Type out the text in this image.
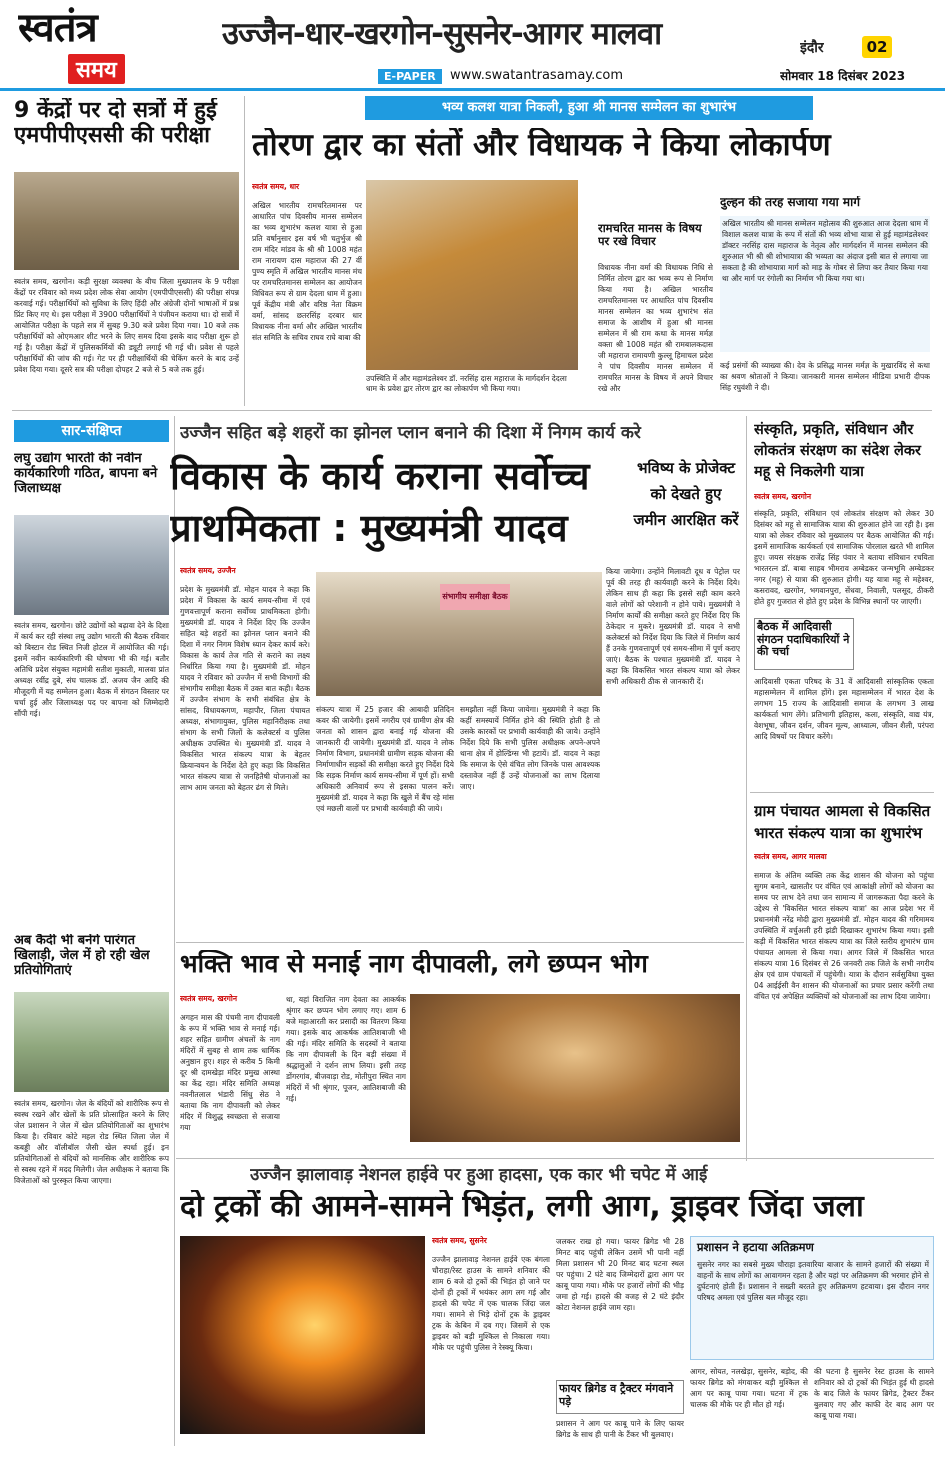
स्वतंत्र
समय
उज्जैन-धार-खरगोन-सुसनेर-आगर मालवा	इंदौर	02
E-PAPER	www.swatantrasamay.com	सोमवार 18 दिसंबर 2023
9 केंद्रों पर दो सत्रों में हुई एमपीपीएससी की परीक्षा
स्वतंत्र समय, खरगोन। कड़ी सुरक्षा व्यवस्था के बीच जिला मुख्यालय के 9 परीक्षा केंद्रों पर रविवार को मध्य प्रदेश लोक सेवा आयोग (एमपीपीएससी) की परीक्षा संपन्न करवाई गई। परीक्षार्थियों को सुविधा के लिए हिंदी और अंग्रेजी दोनों भाषाओं में प्रश्न प्रिंट किए गए थे। इस परीक्षा में 3900 परीक्षार्थियों ने पंजीयन कराया था। दो सत्रों में आयोजित परीक्षा के पहले सत्र में सुबह 9.30 बजे प्रवेश दिया गया। 10 बजे तक परीक्षार्थियों को ओएमआर शीट भरने के लिए समय दिया इसके बाद परीक्षा शुरू हो गई है। परीक्षा केंद्रों में पुलिसकर्मियों की ड्यूटी लगाई भी गई थी। प्रवेश से पहले परीक्षार्थियों की जांच की गई। गेट पर ही परीक्षार्थियों की चेकिंग करने के बाद उन्हें प्रवेश दिया गया। दूसरे सत्र की परीक्षा दोपहर 2 बजे से 5 बजे तक हुई।
भव्य कलश यात्रा निकली, हुआ श्री मानस सम्मेलन का शुभारंभ
तोरण द्वार का संतों और विधायक ने किया लोकार्पण
स्वतंत्र समय, धार
अखिल भारतीय रामचरितमानस पर आधारित पांच दिवसीय मानस सम्मेलन का भव्य शुभारंभ कलश यात्रा से हुआ प्रति वर्षानुसार इस वर्ष भी चतुर्भुज श्री राम मंदिर मांडव के श्री श्री 1008 महंत राम नारायण दास महाराज की 27 वीं पुण्य स्मृति में अखिल भारतीय मानस मंच पर रामचरितमानस सम्मेलन का आयोजन विधिवत रूप से ग्राम देदला धाम में हुआ। पूर्व केंद्रीय मंत्री और वरिष्ठ नेता विक्रम वर्मा, सांसद छतरसिंह दरबार धार विधायक नीना वर्मा और अखिल भारतीय संत समिति के सचिव राघव राघे बाबा की
उपस्थिति में और महामंडलेश्वर डॉ. नरसिंह दास महाराज के मार्गदर्शन देदला धाम के प्रवेश द्वार तोरण द्वार का लोकार्पण भी किया गया।
रामचरित मानस के विषय पर रखे विचार
विधायक नीना वर्मा की विधायक निधि से निर्मित तोरण द्वार का भव्य रूप से निर्माण किया गया है। अखिल भारतीय रामचरितमानस पर आधारित पांच दिवसीय मानस सम्मेलन का भव्य शुभारंभ संत समाज के आशीष में हुआ श्री मानस सम्मेलन में श्री राम कथा के मानस मर्मज्ञ वक्ता श्री 1008 महंत श्री रामबालकदास जी महाराज रामायणी कुल्लू हिमाचल प्रदेश ने पांच दिवसीय मानस सम्मेलन में रामचरित मानस के विषय में अपने विचार रखे और
दुल्हन की तरह सजाया गया मार्ग
अखिल भारतीय श्री मानस सम्मेलन महोत्सव की शुरुआत आज देदला धाम में विशाल कलश यात्रा के रूप में संतों की भव्य शोभा यात्रा से हुई महामंडलेश्वर डॉक्टर नरसिंह दास महाराज के नेतृत्व और मार्गदर्शन में मानस सम्मेलन की शुरुआत भी श्री श्री शोभायात्रा की भव्यता का अंदाज इसी बात से लगाया जा सकता है की शोभायात्रा मार्ग को माड़ के गोबर से लिपा कर तैयार किया गया था और मार्ग पर रंगोली का निर्माण भी किया गया था।
कई प्रसंगों की व्याख्या की। देव के प्रसिद्ध मानस मर्मज्ञ के मुखारविंद से कथा का श्रवण श्रोताओं ने किया। जानकारी मानस सम्मेलन मीडिया प्रभारी दीपक सिंह रघुवंशी ने दी।
सार-संक्षिप्त
लघु उद्योग भारती की नवीन कार्यकारिणी गठित, बापना बने जिलाध्यक्ष
स्वतंत्र समय, खरगोन। छोटे उद्योगों को बढ़ावा देने के दिशा में कार्य कर रही संस्था लघु उद्योग भारती की बैठक रविवार को बिस्टान रोड स्थित निजी होटल में आयोजित की गई। इसमें नवीन कार्यकारिणी की घोषणा भी की गई। बतौर अतिथि प्रदेश संयुक्त महामंत्री सतीश मुकाती, मालवा प्रांत अध्यक्ष रवींद्र दुबे, संघ चालक डॉ. अजय जैन आदि की मौजूदगी में यह सम्मेलन हुआ। बैठक में संगठन विस्तार पर चर्चा हुई और जिलाध्यक्ष पद पर बापना को जिम्मेदारी सौंपी गई।
अब कैदी भी बनेंगे पारंगत खिलाड़ी, जेल में हो रही खेल प्रतियोगिताएं
स्वतंत्र समय, खरगोन। जेल के बंदियों को शारीरिक रूप से स्वस्थ रखने और खेलों के प्रति प्रोत्साहित करने के लिए जेल प्रशासन ने जेल में खेल प्रतियोगिताओं का शुभारंभ किया है। रविवार कोटे महल रोड स्थित जिला जेल में कबड्डी और वॉलीबॉल जैसी खेल स्पर्धा हुई। इन प्रतियोगिताओं से बंदियों को मानसिक और शारीरिक रूप से स्वस्थ रहने में मदद मिलेगी। जेल अधीक्षक ने बताया कि विजेताओं को पुरस्कृत किया जाएगा।
उज्जैन सहित बड़े शहरों का झोनल प्लान बनाने की दिशा में निगम कार्य करे
विकास के कार्य कराना सर्वोच्च प्राथमिकता : मुख्यमंत्री यादव
भविष्य के प्रोजेक्ट को देखते हुए जमीन आरक्षित करें
स्वतंत्र समय, उज्जैन
प्रदेश के मुख्यमंत्री डॉ. मोहन यादव ने कहा कि प्रदेश में विकास के कार्य समय-सीमा में एवं गुणवत्तापूर्ण कराना सर्वोच्च प्राथमिकता होगी। मुख्यमंत्री डॉ. यादव ने निर्देश दिए कि उज्जैन सहित बड़े शहरों का झोनल प्लान बनाने की दिशा में नगर निगम विशेष ध्यान देकर कार्य करे। विकास के कार्य तेज गति से कराने का लक्ष्य निर्धारित किया गया है। मुख्यमंत्री डॉ. मोहन यादव ने रविवार को उज्जैन में सभी विभागों की संभागीय समीक्षा बैठक में उक्त बात कही। बैठक में उज्जैन संभाग के सभी संबंधित क्षेत्र के सांसद, विधायकगण, महापौर, जिला पंचायत अध्यक्ष, संभागायुक्त, पुलिस महानिरीक्षक तथा संभाग के सभी जिलों के कलेक्टर्स व पुलिस अधीक्षक उपस्थित थे। मुख्यमंत्री डॉ. यादव ने विकसित भारत संकल्प यात्रा के बेहतर क्रियान्वयन के निर्देश देते हुए कहा कि विकसित भारत संकल्प यात्रा से जनहितैषी योजनाओं का लाभ आम जनता को बेहतर ढंग से मिले।
संभागीय समीक्षा बैठक
संकल्प यात्रा में 25 हजार की आबादी प्रतिदिन कवर की जायेगी। इसमें नगरीय एवं ग्रामीण क्षेत्र की जनता को शासन द्वारा बनाई गई योजना की जानकारी दी जायेगी। मुख्यमंत्री डॉ. यादव ने लोक निर्माण विभाग, प्रधानमंत्री ग्रामीण सड़क योजना की निर्माणाधीन सड़कों की समीक्षा करते हुए निर्देश दिये कि सड़क निर्माण कार्य समय-सीमा में पूर्ण हों। सभी अधिकारी अनिवार्य रूप से इसका पालन करें। मुख्यमंत्री डॉ. यादव ने कहा कि खुले में बैंच रहे मांस एवं मछली वालों पर प्रभावी कार्यवाही की जाये।
समझौता नहीं किया जायेगा। मुख्यमंत्री ने कहा कि कहीं समस्यायें निर्मित होने की स्थिति होती है तो उसके कारकों पर प्रभावी कार्यवाही की जाये। उन्होंने निर्देश दिये कि सभी पुलिस अधीक्षक अपने-अपने थाना क्षेत्र में होल्डिंग्स भी हटायें। डॉ. यादव ने कहा कि समाज के ऐसे वंचित लोग जिनके पास आवश्यक दस्तावेज नहीं हैं उन्हें योजनाओं का लाभ दिलाया जाए।
किया जायेगा। उन्होंने मिलावटी दूध व पेट्रोल पर पूर्व की तरह ही कार्यवाही करने के निर्देश दिये। लेकिन साथ ही कहा कि इससे सही काम करने वाले लोगों को परेशानी न होने पाये। मुख्यमंत्री ने निर्माण कार्यों की समीक्षा करते हुए निर्देश दिए कि ठेकेदार न मुकरे। मुख्यमंत्री डॉ. यादव ने सभी कलेक्टर्स को निर्देश दिया कि जिले में निर्माण कार्य हैं उनके गुणवत्तापूर्ण एवं समय-सीमा में पूर्ण कराए जाएं। बैठक के पश्चात मुख्यमंत्री डॉ. यादव ने कहा कि विकसित भारत संकल्प यात्रा को लेकर सभी अधिकारी ठीक से जानकारी दें।
संस्कृति, प्रकृति, संविधान और लोकतंत्र संरक्षण का संदेश लेकर महू से निकलेगी यात्रा
स्वतंत्र समय, खरगोन
संस्कृति, प्रकृति, संविधान एवं लोकतंत्र संरक्षण को लेकर 30 दिसंबर को महू से सामाजिक यात्रा की शुरुआत होने जा रही है। इस यात्रा को लेकर रविवार को मुख्यालय पर बैठक आयोजित की गई। इसमें सामाजिक कार्यकर्ता एवं सामाजिक पोरलाल खरते भी शामिल हुए। जयस संरक्षक राजेंद्र सिंह पंवार ने बताया संविधान रचयिता भारतरत्न डॉ. बाबा साहब भीमराव अम्बेडकर जन्मभूमि अम्बेडकर नगर (महू) से यात्रा की शुरुआत होगी। यह यात्रा महू से महेश्वर, कसरावद, खरगोन, भगवानपुरा, सेंधवा, निवाली, पलसूद, ठीकरी होते हुए गुजरात से होते हुए प्रदेश के विभिन्न स्थानों पर जाएगी।
बैठक में आदिवासी संगठन पदाधिकारियों ने की चर्चा
आदिवासी एकता परिषद के 31 वें आदिवासी सांस्कृतिक एकता महासम्मेलन में शामिल होंगे। इस महासम्मेलन में भारत देश के लगभग 15 राज्य के आदिवासी समाज के लगभग 3 लाख कार्यकर्ता भाग लेंगे। प्रतिभागी इतिहास, कला, संस्कृति, वाद्य यंत्र, वेशभूषा, जीवन दर्शन, जीवन मूल्य, आध्यात्म, जीवन शैली, परंपरा आदि विषयों पर विचार करेंगे।
ग्राम पंचायत आमला से विकसित भारत संकल्प यात्रा का शुभारंभ
स्वतंत्र समय, आगर मालवा
समाज के अंतिम व्यक्ति तक केंद्र शासन की योजना को पहुंचा सुगम बनाने, खासतौर पर वंचित एवं आकांक्षी लोगों को योजना का समय पर लाभ देने तथा जन सामान्य में जागरूकता पैदा करने के उद्देश्य से 'विकसित भारत संकल्प यात्रा' का आज प्रदेश भर में प्रधानमंत्री नरेंद्र मोदी द्वारा मुख्यमंत्री डॉ. मोहन यादव की गरिमामय उपस्थिति में वर्चुअली हरी झंडी दिखाकर शुभारंभ किया गया। इसी कड़ी में विकसित भारत संकल्प यात्रा का जिले स्तरीय शुभारंभ ग्राम पंचायत आमला से किया गया। आगर जिले में विकसित भारत संकल्प यात्रा 16 दिसंबर से 26 जनवरी तक जिले के सभी नगरीय क्षेत्र एवं ग्राम पंचायतों में पहुंचेगी। यात्रा के दौरान सर्वसुविधा युक्त 04 आईईसी वैन शासन की योजनाओं का प्रचार प्रसार करेंगी तथा वंचित एवं अपेक्षित व्यक्तियों को योजनाओं का लाभ दिया जायेगा।
भक्ति भाव से मनाई नाग दीपावली, लगे छप्पन भोग
स्वतंत्र समय, खरगोन
अगहन मास की पंचमी नाग दीपावली के रूप में भक्ति भाव से मनाई गई। शहर सहित ग्रामीण अंचलों के नाग मंदिरों में सुबह से शाम तक धार्मिक अनुष्ठान हुए। शहर से करीब 5 किमी दूर श्री दामखेड़ा मंदिर प्रमुख आस्था का केंद्र रहा। मंदिर समिति अध्यक्ष नवनीतलाल भंडारी सिंधु सेठ ने बताया कि नाग दीपावली को लेकर मंदिर में विशुद्ध स्वच्छता से सजाया गया
था, यहां विराजित नाग देवता का आकर्षक श्रृंगार कर छप्पन भोग लगाए गए। शाम 6 बजे महाआरती कर प्रसादी का वितरण किया गया। इसके बाद आकर्षक आतिशबाजी भी की गई। मंदिर समिति के सदस्यों ने बताया कि नाग दीपावली के दिन बड़ी संख्या में श्रद्धालुओं ने दर्शन लाभ लिया। इसी तरह डोंगरगांव, बीजवाड़ा रोड, मोतीपुरा स्थित नाग मंदिरों में भी श्रृंगार, पूजन, आतिशबाजी की गई।
उज्जैन झालावाड़ नेशनल हाईवे पर हुआ हादसा, एक कार भी चपेट में आई
दो ट्रकों की आमने-सामने भिड़ंत, लगी आग, ड्राइवर जिंदा जला
स्वतंत्र समय, सुसनेर
उज्जैन झालावाड़ नेशनल हाईवे एक बंगला चौराहा/रेस्ट हाउस के सामने शनिवार की शाम 6 बजे दो ट्रकों की भिड़ंत हो जाने पर दोनों ही ट्रकों में भयंकर आग लग गई और हादसे की चपेट में एक चालक जिंदा जल गया। सामने से भिड़े दोनों ट्रक के ड्राइवर ट्रक के केबिन में दब गए। जिसमें से एक ड्राइवर को बड़ी मुश्किल से निकाला गया। मौके पर पहुंची पुलिस ने रेस्क्यू किया।
जलकर राख हो गया। फायर ब्रिगेड भी 28 मिनट बाद पहुंची लेकिन उसमें भी पानी नहीं मिला प्रशासन भी 20 मिनट बाद घटना स्थल पर पहुंचा। 2 घंटे बाद जिम्मेदारों द्वारा आग पर काबू पाया गया। मौके पर हजारों लोगों की भीड़ जमा हो गई। हादसे की वजह से 2 घंटे इंदौर कोटा नेशनल हाईवे जाम रहा।
फायर ब्रिगेड व ट्रैक्टर मंगवाने पड़े
प्रशासन ने आग पर काबू पाने के लिए फायर ब्रिगेड के साथ ही पानी के टैंकर भी बुलवाए।
प्रशासन ने हटाया अतिक्रमण
सुसनेर नगर का सबसे मुख्य चौराहा इतवारिया बाजार के सामने हजारों की संख्या में वाहनों के साथ लोगों का आवागमन रहता है और यहां पर अतिक्रमण की भरमार होने से दुर्घटनाएं होती हैं। प्रशासन ने सख्ती बरतते हुए अतिक्रमण हटवाया। इस दौरान नगर परिषद अमला एवं पुलिस बल मौजूद रहा।
आगर, सोयत, नलखेड़ा, सुसनेर, बड़ोद, की फायर ब्रिगेड को मंगवाकर बड़ी मुश्किल से आग पर काबू पाया गया। घटना में ट्रक चालक की मौके पर ही मौत हो गई।
की घटना है सुसनेर रेस्ट हाउस के सामने शनिवार को दो ट्रकों की भिड़ंत हुई थी हादसे के बाद जिले के फायर ब्रिगेड, ट्रैक्टर टैंकर बुलवाए गए और काफी देर बाद आग पर काबू पाया गया।
